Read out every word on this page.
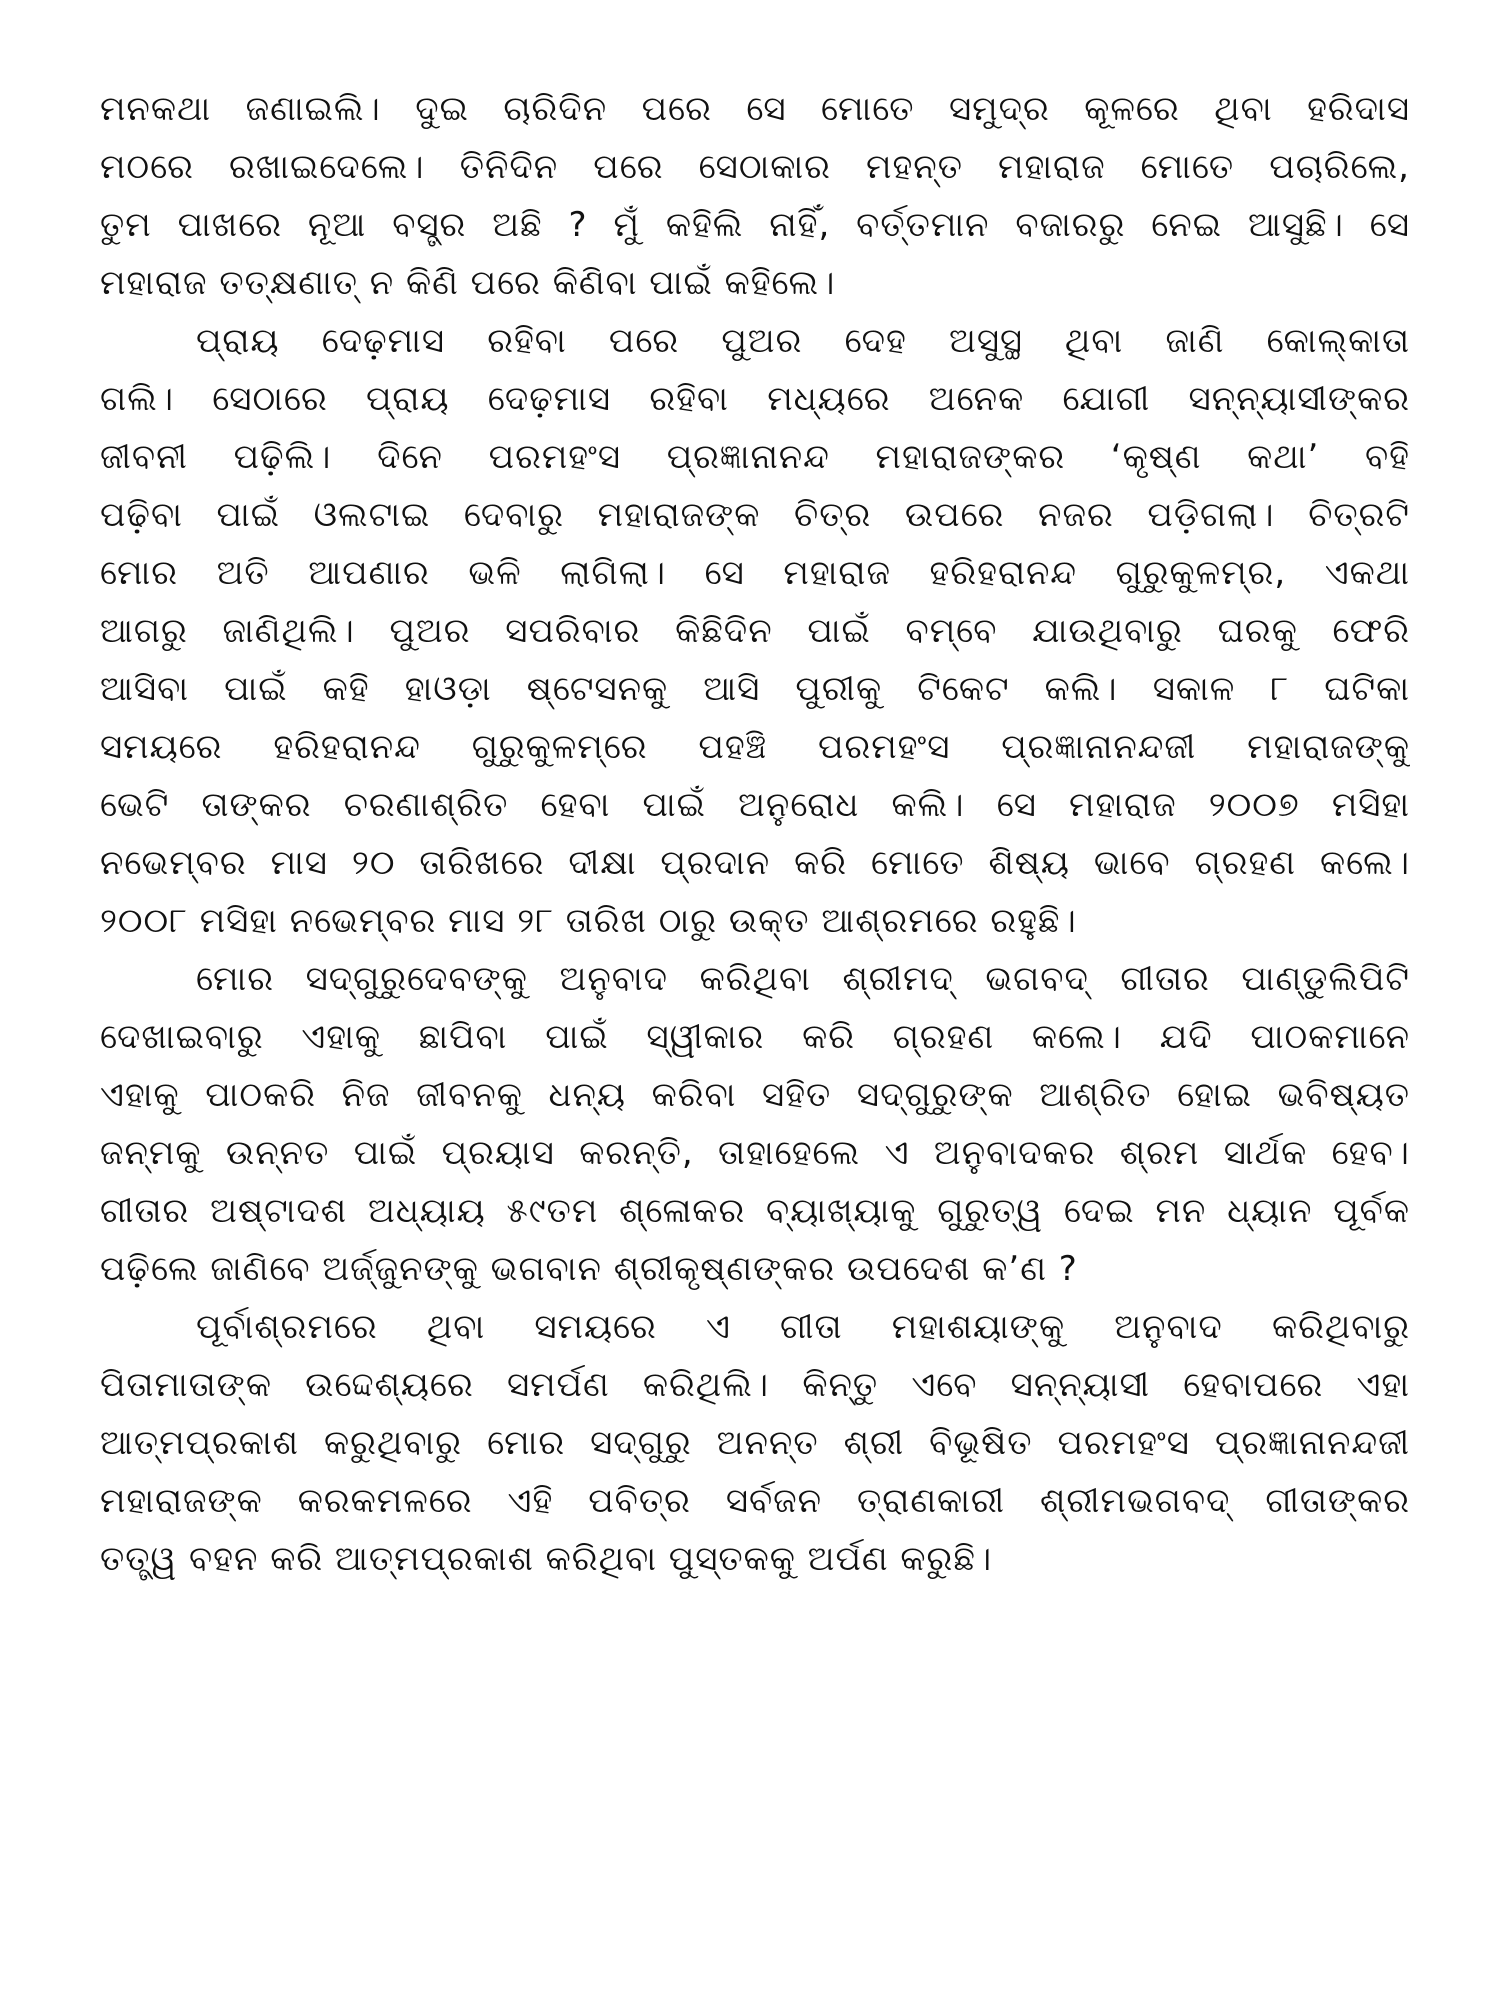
ମନକଥା ଜଣାଇଲି। ଦୁଇ ଚାରିଦିନ ପରେ ସେ ମୋତେ ସମୁଦ୍ର କୂଳରେ ଥିବା ହରିଦାସ
ମଠରେ ରଖାଇଦେଲେ। ତିନିଦିନ ପରେ ସେଠାକାର ମହନ୍ତ ମହାରାଜ ମୋତେ ପଚାରିଲେ,
ତୁମ ପାଖରେ ନୂଆ ବସ୍ତ୍ର ଅଛି ? ମୁଁ କହିଲି ନାହିଁ, ବର୍ତ୍ତମାନ ବଜାରରୁ ନେଇ ଆସୁଛି। ସେ
ମହାରାଜ ତତ୍‌କ୍ଷଣାତ୍ ନ କିଣି ପରେ କିଣିବା ପାଇଁ କହିଲେ।
ପ୍ରାୟ ଦେଢ଼ମାସ ରହିବା ପରେ ପୁଅର ଦେହ ଅସୁସ୍ଥ ଥିବା ଜାଣି କୋଲ୍‌କାତା
ଗଲି। ସେଠାରେ ପ୍ରାୟ ଦେଢ଼ମାସ ରହିବା ମଧ୍ୟରେ ଅନେକ ଯୋଗୀ ସନ୍ନ୍ୟାସୀଙ୍କର
ଜୀବନୀ ପଢ଼ିଲି। ଦିନେ ପରମହଂସ ପ୍ରଜ୍ଞାନାନନ୍ଦ ମହାରାଜଙ୍କର ‘କୃଷ୍ଣ କଥା’ ବହି
ପଢ଼ିବା ପାଇଁ ଓଲଟାଇ ଦେବାରୁ ମହାରାଜଙ୍କ ଚିତ୍ର ଉପରେ ନଜର ପଡ଼ିଗଲା। ଚିତ୍ରଟି
ମୋର ଅତି ଆପଣାର ଭଳି ଲାଗିଲା। ସେ ମହାରାଜ ହରିହରାନନ୍ଦ ଗୁରୁକୁଳମ୍‌ର, ଏକଥା
ଆଗରୁ ଜାଣିଥିଲି। ପୁଅର ସପରିବାର କିଛିଦିନ ପାଇଁ ବମ୍ବେ ଯାଉଥିବାରୁ ଘରକୁ ଫେରି
ଆସିବା ପାଇଁ କହି ହାଓଡ଼ା ଷ୍ଟେସନକୁ ଆସି ପୁରୀକୁ ଟିକେଟ କଲି। ସକାଳ ୮ ଘଟିକା
ସମୟରେ ହରିହରାନନ୍ଦ ଗୁରୁକୁଳମ୍‌ରେ ପହଞ୍ଚି ପରମହଂସ ପ୍ରଜ୍ଞାନାନନ୍ଦଜୀ ମହାରାଜଙ୍କୁ
ଭେଟି ତାଙ୍କର ଚରଣାଶ୍ରିତ ହେବା ପାଇଁ ଅନୁରୋଧ କଲି। ସେ ମହାରାଜ ୨୦୦୭ ମସିହା
ନଭେମ୍ବର ମାସ ୨୦ ତାରିଖରେ ଦୀକ୍ଷା ପ୍ରଦାନ କରି ମୋତେ ଶିଷ୍ୟ ଭାବେ ଗ୍ରହଣ କଲେ।
୨୦୦୮ ମସିହା ନଭେମ୍ବର ମାସ ୨୮ ତାରିଖ ଠାରୁ ଉକ୍ତ ଆଶ୍ରମରେ ରହୁଛି।
ମୋର ସଦ୍‌ଗୁରୁଦେବଙ୍କୁ ଅନୁବାଦ କରିଥିବା ଶ୍ରୀମଦ୍ ଭଗବଦ୍ ଗୀତାର ପାଣ୍ଡୁଲିପିଟି
ଦେଖାଇବାରୁ ଏହାକୁ ଛାପିବା ପାଇଁ ସ୍ୱୀକାର କରି ଗ୍ରହଣ କଲେ। ଯଦି ପାଠକମାନେ
ଏହାକୁ ପାଠକରି ନିଜ ଜୀବନକୁ ଧନ୍ୟ କରିବା ସହିତ ସଦ୍‌ଗୁରୁଙ୍କ ଆଶ୍ରିତ ହୋଇ ଭବିଷ୍ୟତ
ଜନ୍ମକୁ ଉନ୍ନତ ପାଇଁ ପ୍ରୟାସ କରନ୍ତି, ତାହାହେଲେ ଏ ଅନୁବାଦକର ଶ୍ରମ ସାର୍ଥକ ହେବ।
ଗୀତାର ଅଷ୍ଟାଦଶ ଅଧ୍ୟାୟ ୫୯ତମ ଶ୍ଳୋକର ବ୍ୟାଖ୍ୟାକୁ ଗୁରୁତ୍ୱ ଦେଇ ମନ ଧ୍ୟାନ ପୂର୍ବକ
ପଢ଼ିଲେ ଜାଣିବେ ଅର୍ଜ୍ଜୁନଙ୍କୁ ଭଗବାନ ଶ୍ରୀକୃଷ୍ଣଙ୍କର ଉପଦେଶ କ’ଣ ?
ପୂର୍ବାଶ୍ରମରେ ଥିବା ସମୟରେ ଏ ଗୀତା ମହାଶୟାଙ୍କୁ ଅନୁବାଦ କରିଥିବାରୁ
ପିତାମାତାଙ୍କ ଉଦ୍ଦେଶ୍ୟରେ ସମର୍ପଣ କରିଥିଲି। କିନ୍ତୁ ଏବେ ସନ୍ନ୍ୟାସୀ ହେବାପରେ ଏହା
ଆତ୍ମପ୍ରକାଶ କରୁଥିବାରୁ ମୋର ସଦ୍‌ଗୁରୁ ଅନନ୍ତ ଶ୍ରୀ ବିଭୂଷିତ ପରମହଂସ ପ୍ରଜ୍ଞାନାନନ୍ଦଜୀ
ମହାରାଜଙ୍କ କରକମଳରେ ଏହି ପବିତ୍ର ସର୍ବଜନ ତ୍ରାଣକାରୀ ଶ୍ରୀମଭଗବଦ୍ ଗୀତାଙ୍କର
ତତ୍ତ୍ୱ ବହନ କରି ଆତ୍ମପ୍ରକାଶ କରିଥିବା ପୁସ୍ତକକୁ ଅର୍ପଣ କରୁଛି।
